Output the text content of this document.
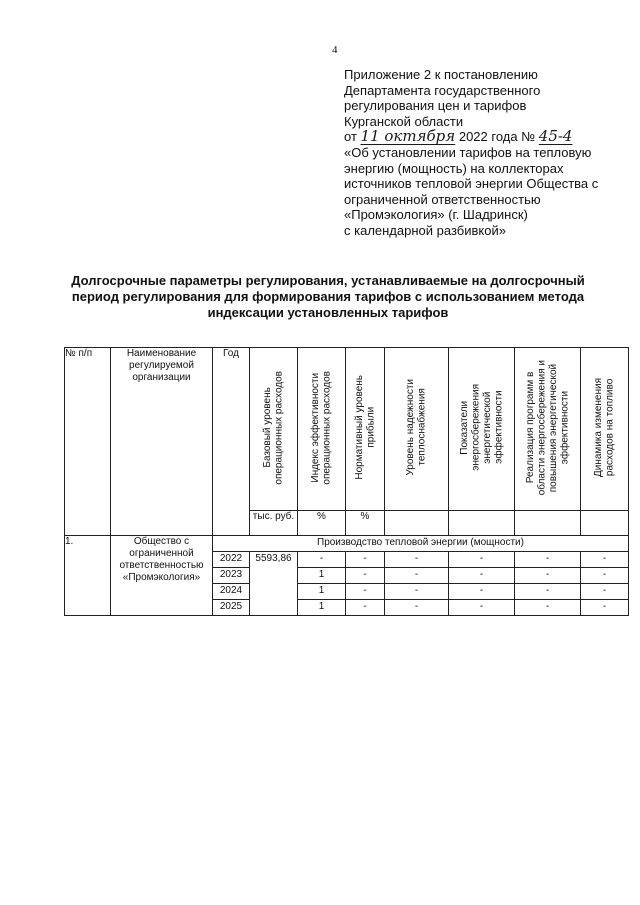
4
Приложение 2 к постановлению
Департамента государственного
регулирования цен и тарифов
Курганской области
от 11 октября 2022 года № 45-4
«Об установлении тарифов на тепловую
энергию (мощность) на коллекторах
источников тепловой энергии Общества с
ограниченной ответственностью
«Промэкология» (г. Шадринск)
с календарной разбивкой»
Долгосрочные параметры регулирования, устанавливаемые на долгосрочный
период регулирования для формирования тарифов с использованием метода
индексации установленных тарифов
№ п/п	Наименование регулируемой организации	Год	Базовый уровень
операционных расходов	Индекс эффективности
операционных расходов	Нормативный уровень
прибыли	Уровень надежности
теплоснабжения	Показатели
энергосбережения
энергетической
эффективности	Реализация программ в
области энергосбережения и
повышения энергетической
эффективности	Динамика изменения
расходов на топливо
			тыс. руб.	%	%				
1.	Общество с ограниченной ответственностью «Промэкология»	Производство тепловой энергии (мощности)							
		2022	5593,86	-	-	-	-	-	-
		2023		1	-	-	-	-	-
		2024		1	-	-	-	-	-
		2025		1	-	-	-	-	-
